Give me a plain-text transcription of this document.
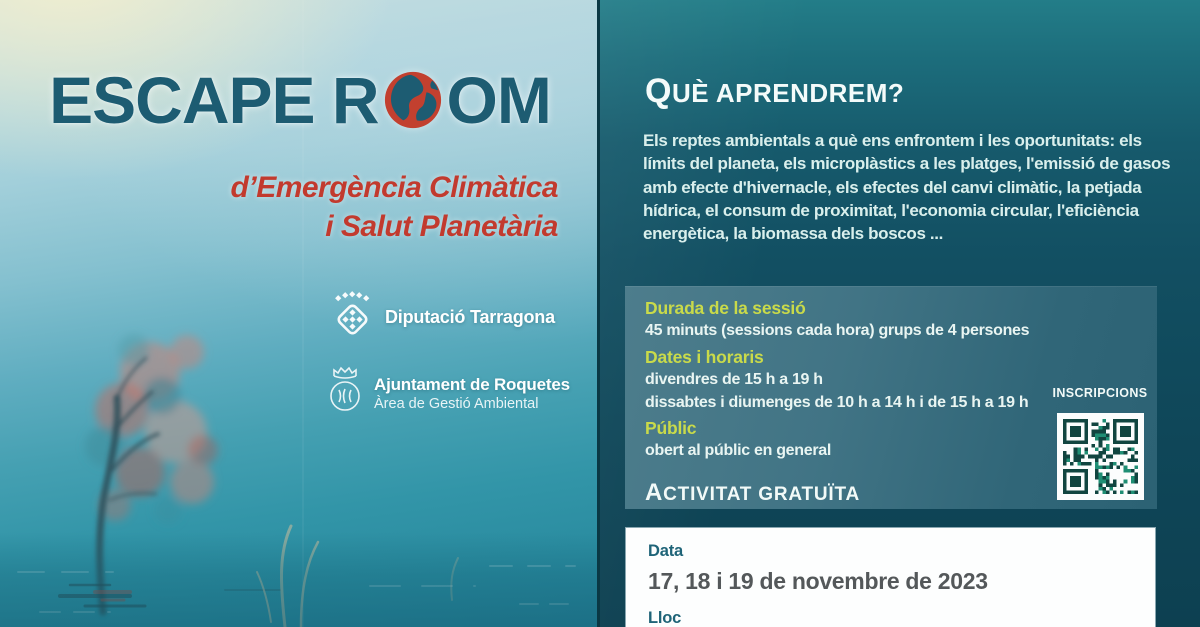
ESCAPE R OM
d’Emergència Climàtica
i Salut Planetària
Diputació Tarragona
Ajuntament de Roquetes
Àrea de Gestió Ambiental
QUÈ APRENDREM?
Els reptes ambientals a què ens enfrontem i les oportunitats: els límits del planeta, els microplàstics a les platges, l'emissió de gasos amb efecte d'hivernacle, els efectes del canvi climàtic, la petjada hídrica, el consum de proximitat, l'economia circular, l'eficiència energètica, la biomassa dels boscos ...
Durada de la sessió
45 minuts (sessions cada hora) grups de 4 persones
Dates i horaris
divendres de 15 h a 19 h
dissabtes i diumenges de 10 h a 14 h i de 15 h a 19 h
Públic
obert al públic en general
ACTIVITAT GRATUÏTA
INSCRIPCIONS
Data
17, 18 i 19 de novembre de 2023
Lloc
